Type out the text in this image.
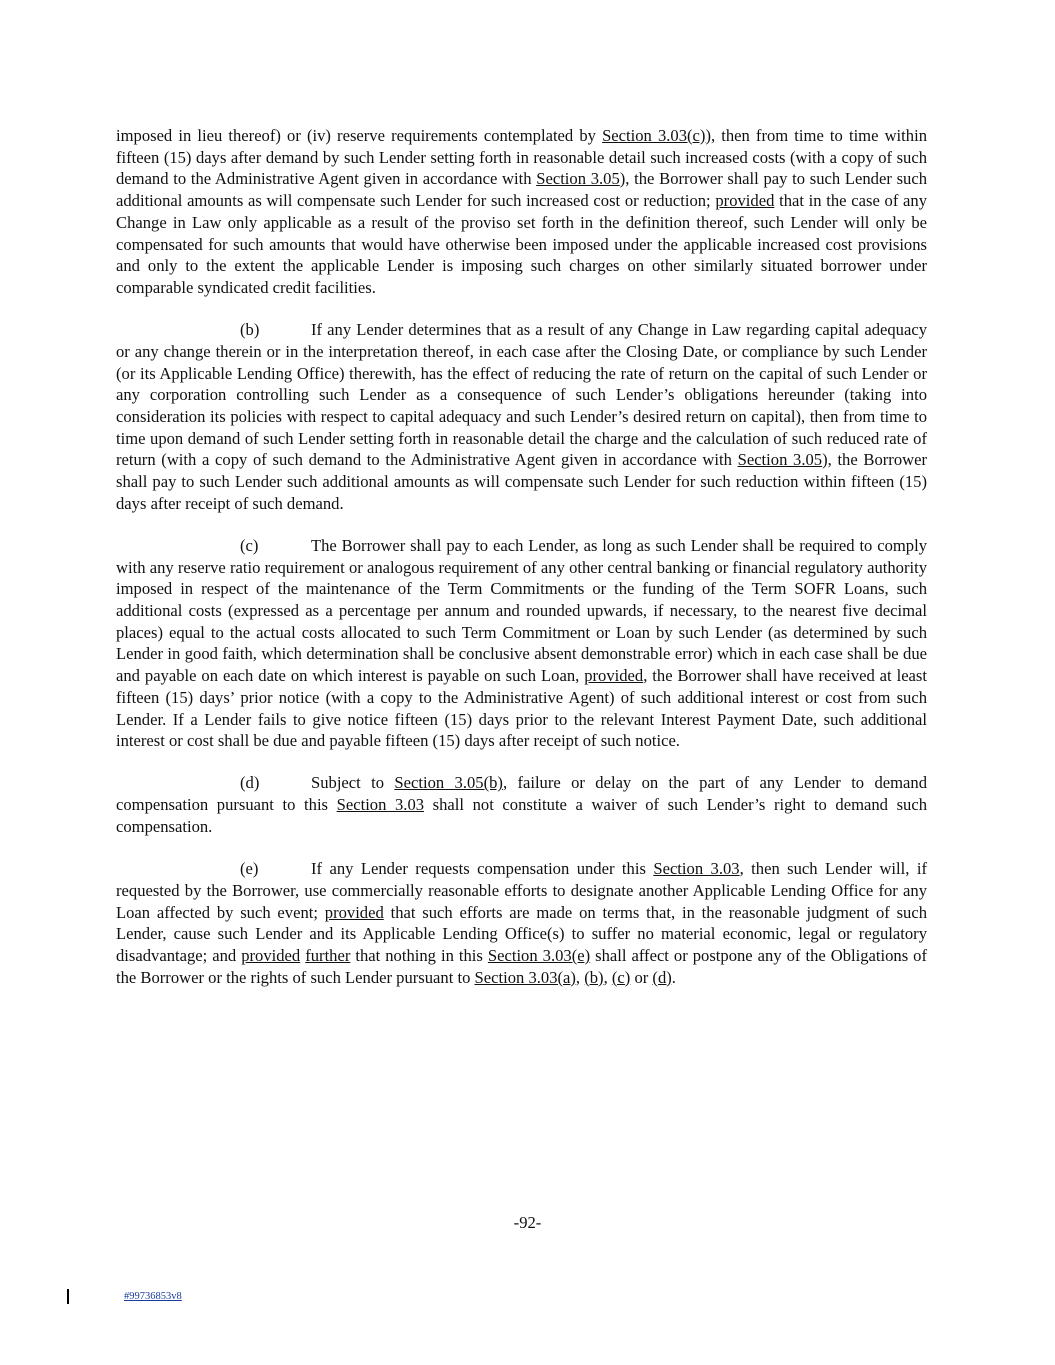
imposed in lieu thereof) or (iv) reserve requirements contemplated by Section 3.03(c)), then from time to time within fifteen (15) days after demand by such Lender setting forth in reasonable detail such increased costs (with a copy of such demand to the Administrative Agent given in accordance with Section 3.05), the Borrower shall pay to such Lender such additional amounts as will compensate such Lender for such increased cost or reduction; provided that in the case of any Change in Law only applicable as a result of the proviso set forth in the definition thereof, such Lender will only be compensated for such amounts that would have otherwise been imposed under the applicable increased cost provisions and only to the extent the applicable Lender is imposing such charges on other similarly situated borrower under comparable syndicated credit facilities.

(b)	If any Lender determines that as a result of any Change in Law regarding capital adequacy or any change therein or in the interpretation thereof, in each case after the Closing Date, or compliance by such Lender (or its Applicable Lending Office) therewith, has the effect of reducing the rate of return on the capital of such Lender or any corporation controlling such Lender as a consequence of such Lender’s obligations hereunder (taking into consideration its policies with respect to capital adequacy and such Lender’s desired return on capital), then from time to time upon demand of such Lender setting forth in reasonable detail the charge and the calculation of such reduced rate of return (with a copy of such demand to the Administrative Agent given in accordance with Section 3.05), the Borrower shall pay to such Lender such additional amounts as will compensate such Lender for such reduction within fifteen (15) days after receipt of such demand.

(c)	The Borrower shall pay to each Lender, as long as such Lender shall be required to comply with any reserve ratio requirement or analogous requirement of any other central banking or financial regulatory authority imposed in respect of the maintenance of the Term Commitments or the funding of the Term SOFR Loans, such additional costs (expressed as a percentage per annum and rounded upwards, if necessary, to the nearest five decimal places) equal to the actual costs allocated to such Term Commitment or Loan by such Lender (as determined by such Lender in good faith, which determination shall be conclusive absent demonstrable error) which in each case shall be due and payable on each date on which interest is payable on such Loan, provided, the Borrower shall have received at least fifteen (15) days’ prior notice (with a copy to the Administrative Agent) of such additional interest or cost from such Lender. If a Lender fails to give notice fifteen (15) days prior to the relevant Interest Payment Date, such additional interest or cost shall be due and payable fifteen (15) days after receipt of such notice.

(d)	Subject to Section 3.05(b), failure or delay on the part of any Lender to demand compensation pursuant to this Section 3.03 shall not constitute a waiver of such Lender’s right to demand such compensation.

(e)	If any Lender requests compensation under this Section 3.03, then such Lender will, if requested by the Borrower, use commercially reasonable efforts to designate another Applicable Lending Office for any Loan affected by such event; provided that such efforts are made on terms that, in the reasonable judgment of such Lender, cause such Lender and its Applicable Lending Office(s) to suffer no material economic, legal or regulatory disadvantage; and provided further that nothing in this Section 3.03(e) shall affect or postpone any of the Obligations of the Borrower or the rights of such Lender pursuant to Section 3.03(a), (b), (c) or (d).

-92-
#99736853v8
